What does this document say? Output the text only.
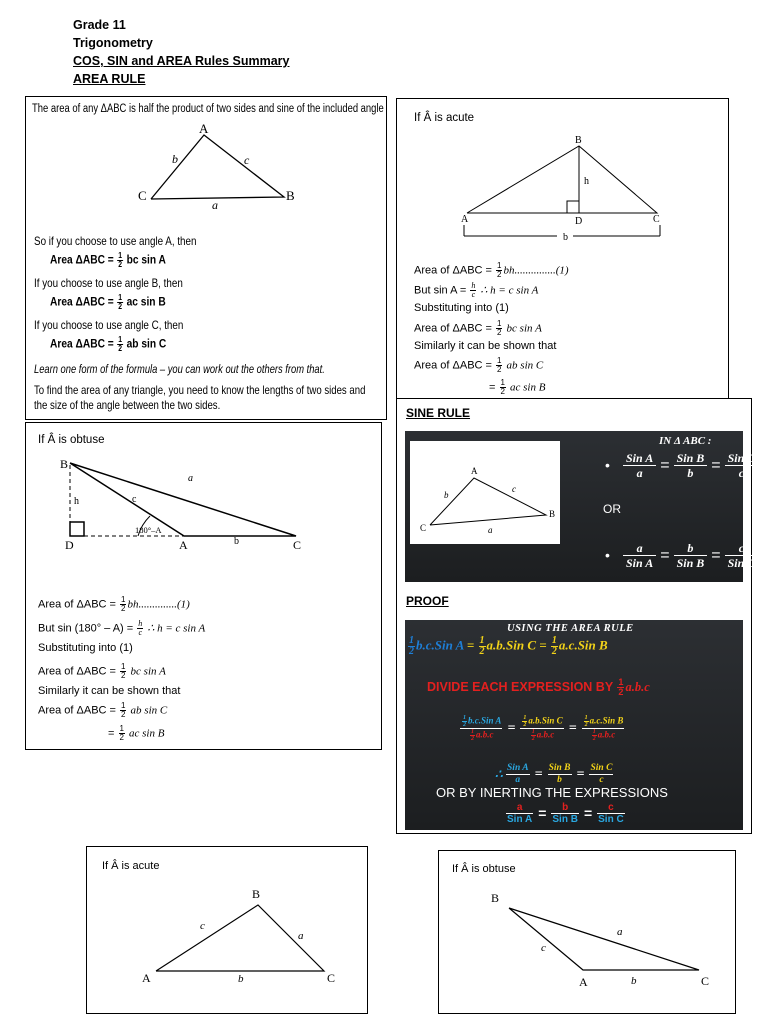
Grade 11
Trigonometry
COS, SIN and AREA Rules Summary
AREA RULE
The area of any ΔABC is half the product of two sides and sine of the included angle
A
C	B
b	c
a
So if you choose to use angle A, then
Area $\Delta ABC = \frac{1}{2}$ bc sin A
If you choose to use angle B, then
Area $\Delta ABC = \frac{1}{2}$ ac sin B
If you choose to use angle C, then
Area $\Delta ABC = \frac{1}{2}$ ab sin C
Learn one form of the formula – you can work out the others from that.
To find the area of any triangle, you need to know the lengths of two sides and the size of the angle between the two sides.
If Â is acute
B
h
A	D	C
b
Area of $\Delta ABC = \frac{1}{2} bh...............(1)$
But $\sin A = \frac{h}{c}$ ∴ h = c sin A
Substituting into (1)
Area of $\Delta ABC = \frac{1}{2}$ bc sin A
Similarly it can be shown that
Area of $\Delta ABC = \frac{1}{2}$ ab sin C
= $\frac{1}{2}$ ac sin B
If Â is obtuse
B
h	c
a
180°–A
D	A	b	C
Area of $\Delta ABC = \frac{1}{2} bh..............(1)$
But $\sin (180^\circ - A) = \frac{h}{c}$ ∴ h = c sin A
Substituting into (1)
Area of $\Delta ABC = \frac{1}{2}$ bc sin A
Similarly it can be shown that
Area of $\Delta ABC = \frac{1}{2}$ ab sin C
= $\frac{1}{2}$ ac sin B
SINE RULE
A
B
C
b
c
a
IN Δ ABC :
• Sin A
a	= Sin B
b	= Sin C
c
OR
•	a
Sin A =	b
Sin B =	c
Sin C
PROOF
USING THE AREA RULE
$\frac{1}{2} b.c.Sin$ $A = \frac{1}{2} a.b.Sin$ $C = \frac{1}{2} a.c.Sin$ B
DIVIDE EACH EXPRESSION BY $\frac{1}{2} a.b.c$
$\frac{\frac{1}{2} b.c.Sin A}{\frac{1}{2} a.b.c} = \frac{\frac{1}{2} a.b.Sin C}{\frac{1}{2} a.b.c} = \frac{\frac{1}{2} a.c.Sin B}{\frac{1}{2} a.b.c}$
∴ $\frac{\text{Sin A}}{a} = \frac{\text{Sin B}}{b} = \frac{\text{Sin C}}{c}$
OR BY INERTING THE EXPRESSIONS
$\frac{a}{\text{Sin A}} = \frac{b}{\text{Sin B}} = \frac{c}{\text{Sin C}}$
If Â is acute
B
c
a
A	b	C
If Â is obtuse
B
a
c
A	b	C
